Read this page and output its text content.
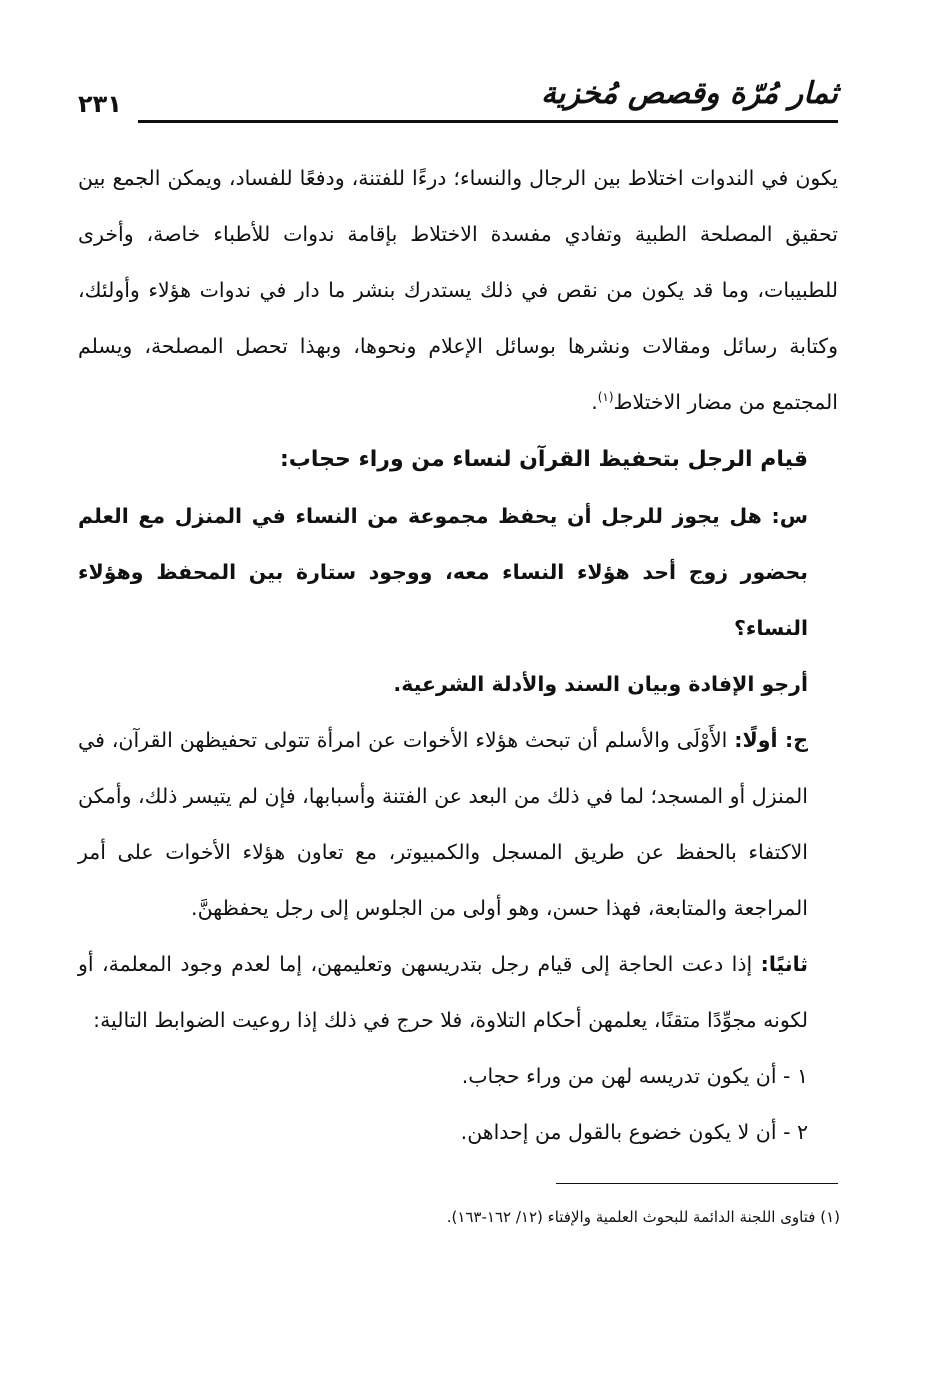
٢٣١	ثمار مُرّة وقصص مُخزية

يكون في الندوات اختلاط بين الرجال والنساء؛ درءًا للفتنة، ودفعًا للفساد، ويمكن الجمع بين تحقيق المصلحة الطبية وتفادي مفسدة الاختلاط بإقامة ندوات للأطباء خاصة، وأخرى للطبيبات، وما قد يكون من نقص في ذلك يستدرك بنشر ما دار في ندوات هؤلاء وأولئك، وكتابة رسائل ومقالات ونشرها بوسائل الإعلام ونحوها، وبهذا تحصل المصلحة، ويسلم المجتمع من مضار الاختلاط$^{(١)}$.

قيام الرجل بتحفيظ القرآن لنساء من وراء حجاب:

س: هل يجوز للرجل أن يحفظ مجموعة من النساء في المنزل مع العلم بحضور زوج أحد هؤلاء النساء معه، ووجود ستارة بين المحفظ وهؤلاء النساء؟

أرجو الإفادة وبيان السند والأدلة الشرعية.

ج: أولًا: الأَوْلَى والأسلم أن تبحث هؤلاء الأخوات عن امرأة تتولى تحفيظهن القرآن، في المنزل أو المسجد؛ لما في ذلك من البعد عن الفتنة وأسبابها، فإن لم يتيسر ذلك، وأمكن الاكتفاء بالحفظ عن طريق المسجل والكمبيوتر، مع تعاون هؤلاء الأخوات على أمر المراجعة والمتابعة، فهذا حسن، وهو أولى من الجلوس إلى رجل يحفظهنَّ.

ثانيًا: إذا دعت الحاجة إلى قيام رجل بتدريسهن وتعليمهن، إما لعدم وجود المعلمة، أو لكونه مجوِّدًا متقنًا، يعلمهن أحكام التلاوة، فلا حرج في ذلك إذا روعيت الضوابط التالية:

١ - أن يكون تدريسه لهن من وراء حجاب.

٢ - أن لا يكون خضوع بالقول من إحداهن.

(١) فتاوى اللجنة الدائمة للبحوث العلمية والإفتاء (١٢/ ١٦٢-١٦٣).
